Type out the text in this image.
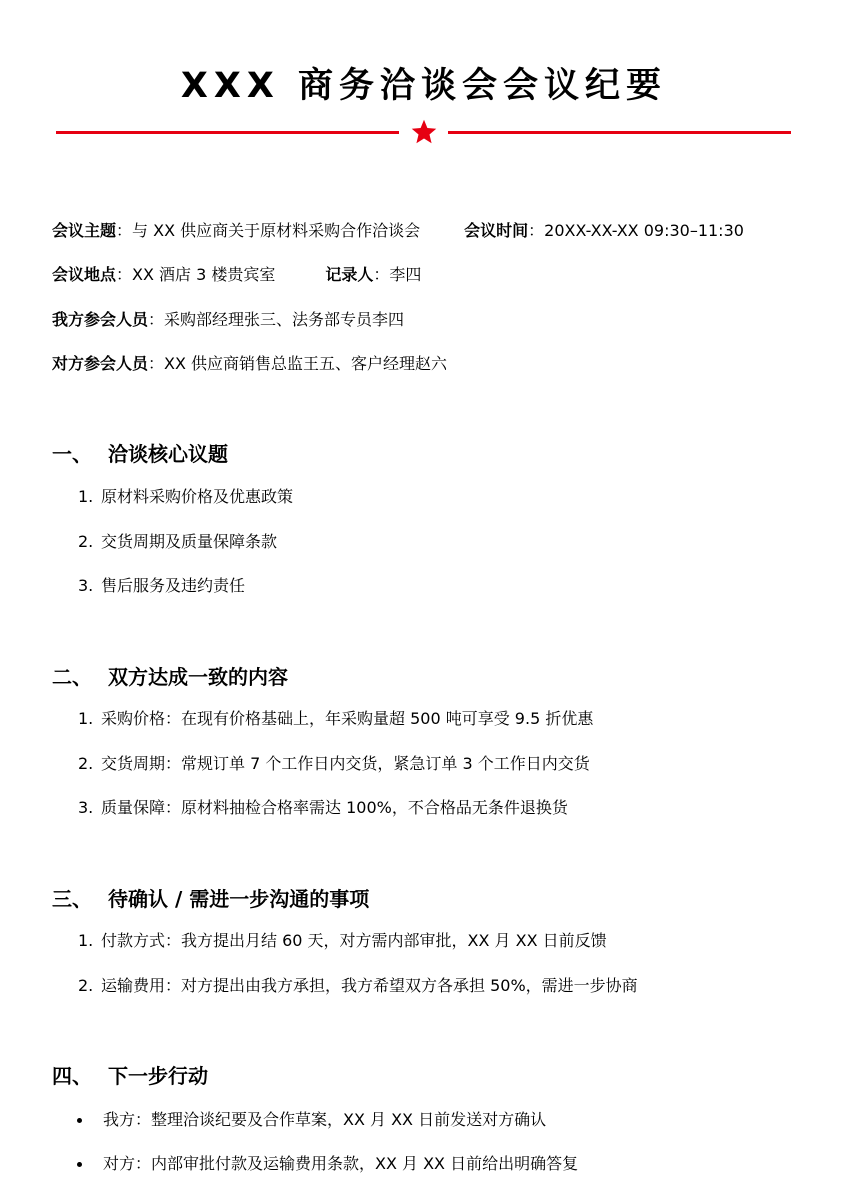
XXX 商务洽谈会会议纪要
会议主题：与 XX 供应商关于原材料采购合作洽谈会	会议时间：20XX-XX-XX 09:30–11:30
会议地点：XX 酒店 3 楼贵宾室	记录人：李四
我方参会人员：采购部经理张三、法务部专员李四
对方参会人员：XX 供应商销售总监王五、客户经理赵六
一、 洽谈核心议题
1. 原材料采购价格及优惠政策
2. 交货周期及质量保障条款
3. 售后服务及违约责任
二、 双方达成一致的内容
1. 采购价格：在现有价格基础上，年采购量超 500 吨可享受 9.5 折优惠
2. 交货周期：常规订单 7 个工作日内交货，紧急订单 3 个工作日内交货
3. 质量保障：原材料抽检合格率需达 100%，不合格品无条件退换货
三、 待确认 / 需进一步沟通的事项
1. 付款方式：我方提出月结 60 天，对方需内部审批，XX 月 XX 日前反馈
2. 运输费用：对方提出由我方承担，我方希望双方各承担 50%，需进一步协商
四、 下一步行动
我方：整理洽谈纪要及合作草案，XX 月 XX 日前发送对方确认
对方：内部审批付款及运输费用条款，XX 月 XX 日前给出明确答复
